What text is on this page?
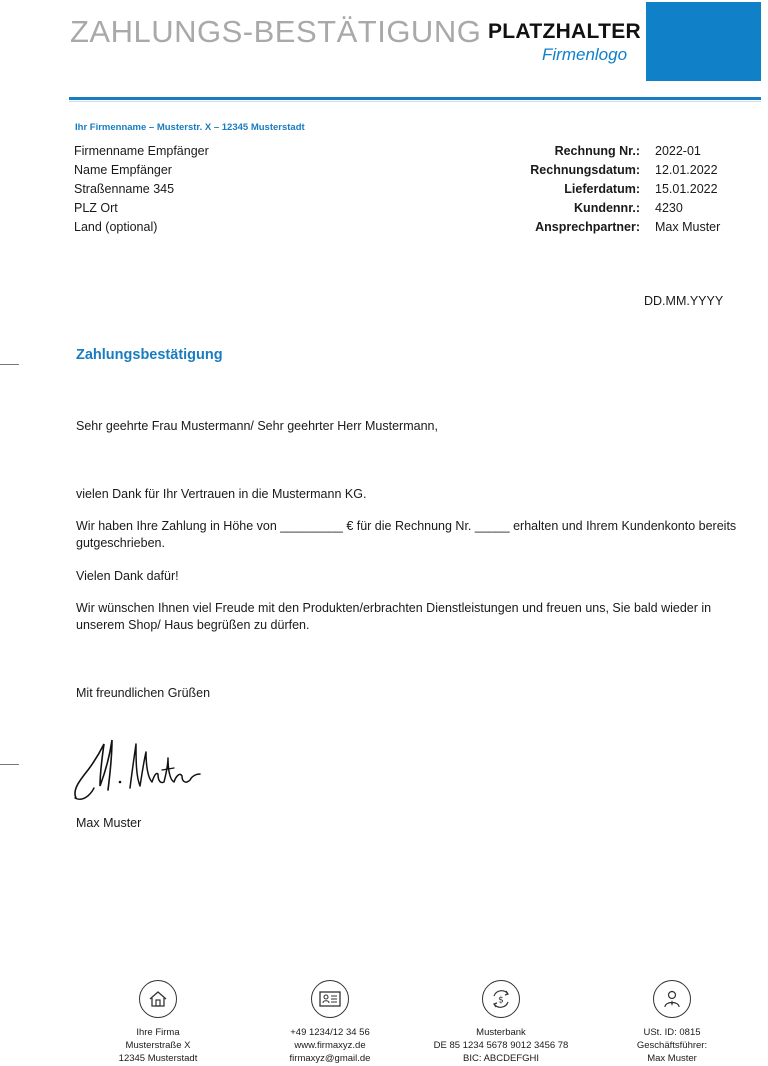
ZAHLUNGS-BESTÄTIGUNG PLATZHALTER
Firmenlogo
Ihr Firmenname – Musterstr. X – 12345 Musterstadt
Firmenname Empfänger
Name Empfänger
Straßenname 345
PLZ Ort
Land (optional)
Rechnung Nr.: 2022-01
Rechnungsdatum: 12.01.2022
Lieferdatum: 15.01.2022
Kundennr.: 4230
Ansprechpartner: Max Muster
DD.MM.YYYY
Zahlungsbestätigung
Sehr geehrte Frau Mustermann/ Sehr geehrter Herr Mustermann,
vielen Dank für Ihr Vertrauen in die Mustermann KG.
Wir haben Ihre Zahlung in Höhe von _________ € für die Rechnung Nr. _____ erhalten und Ihrem Kundenkonto bereits gutgeschrieben.
Vielen Dank dafür!
Wir wünschen Ihnen viel Freude mit den Produkten/erbrachten Dienstleistungen und freuen uns, Sie bald wieder in unserem Shop/ Haus begrüßen zu dürfen.
Mit freundlichen Grüßen
Max Muster
Ihre Firma
Musterstraße X
12345 Musterstadt
+49 1234/12 34 56
www.firmaxyz.de
firmaxyz@gmail.de
$
Musterbank
DE 85 1234 5678 9012 3456 78
BIC: ABCDEFGHI
USt. ID: 0815
Geschäftsführer:
Max Muster
